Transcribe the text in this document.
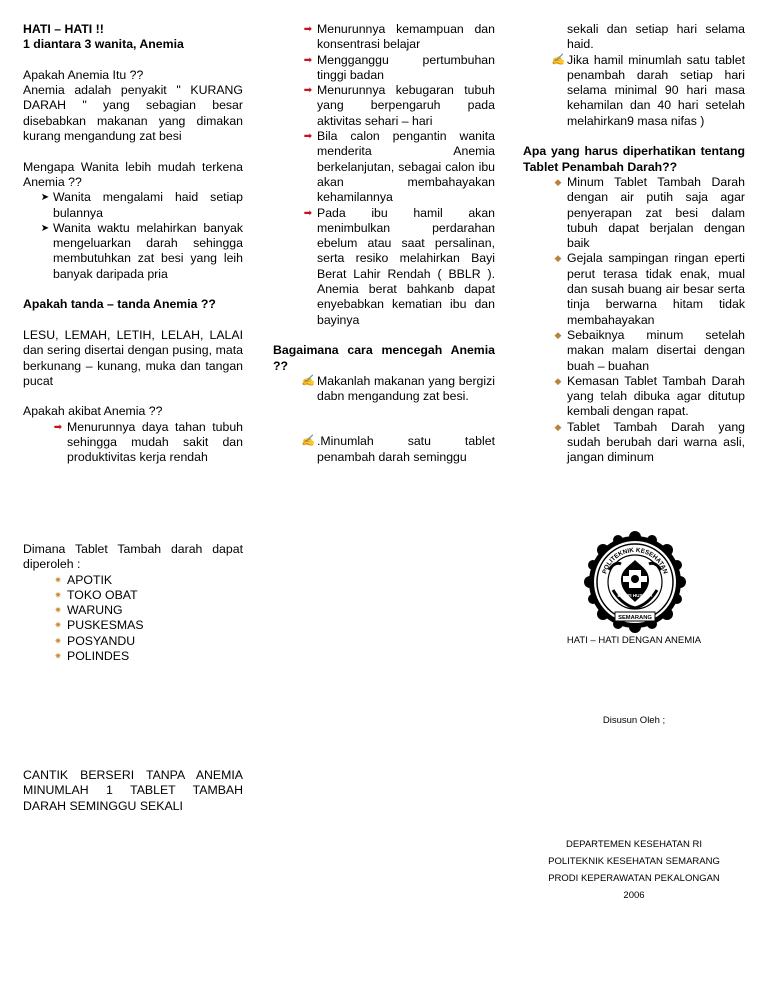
HATI – HATI !!

1 diantara 3 wanita, Anemia

Apakah Anemia Itu ??

Anemia adalah penyakit " KURANG DARAH " yang sebagian besar disebabkan makanan yang dimakan kurang mengandung zat besi

Mengapa Wanita lebih mudah terkena Anemia ??

➤ Wanita mengalami haid setiap bulannya
➤ Wanita waktu melahirkan banyak mengeluarkan darah sehingga membutuhkan zat besi yang leih banyak daripada pria

Apakah tanda – tanda Anemia ??

LESU, LEMAH, LETIH, LELAH, LALAI dan sering disertai dengan pusing, mata berkunang – kunang, muka dan tangan pucat

Apakah akibat Anemia ??

➡ Menurunnya daya tahan tubuh sehingga mudah sakit dan produktivitas kerja rendah

Dimana Tablet Tambah darah dapat diperoleh :

✷ APOTIK
✷ TOKO OBAT
✷ WARUNG
✷ PUSKESMAS
✷ POSYANDU
✷ POLINDES

CANTIK BERSERI TANPA ANEMIA MINUMLAH 1 TABLET TAMBAH DARAH SEMINGGU SEKALI

➡ Menurunnya kemampuan dan konsentrasi belajar
➡ Mengganggu pertumbuhan tinggi badan
➡ Menurunnya kebugaran tubuh yang berpengaruh pada aktivitas sehari – hari
➡ Bila calon pengantin wanita menderita Anemia berkelanjutan, sebagai calon ibu akan membahayakan kehamilannya
➡ Pada ibu hamil akan menimbulkan perdarahan ebelum atau saat persalinan, serta resiko melahirkan Bayi Berat Lahir Rendah ( BBLR ). Anemia berat bahkanb dapat enyebabkan kematian ibu dan bayinya

Bagaimana cara mencegah Anemia ??

✍ Makanlah makanan yang bergizi dabn mengandung zat besi.
✍ .Minumlah satu tablet penambah darah seminggu
sekali dan setiap hari selama haid.
✍ Jika hamil minumlah satu tablet penambah darah setiap hari selama minimal 90 hari masa kehamilan dan 40 hari setelah melahirkan9 masa nifas )

Apa yang harus diperhatikan tentang Tablet Penambah Darah??

◆ Minum Tablet Tambah Darah dengan air putih saja agar penyerapan zat besi dalam tubuh dapat berjalan dengan baik
◆ Gejala sampingan ringan eperti perut terasa tidak enak, mual dan susah buang air besar serta tinja berwarna hitam tidak membahayakan
◆ Sebaiknya minum setelah makan malam disertai dengan buah – buahan
◆ Kemasan Tablet Tambah Darah yang telah dibuka agar ditutup kembali dengan rapat.
◆ Tablet Tambah Darah yang sudah berubah dari warna asli, jangan diminum
POLITEKNIK KESEHATAN
BAKTI HUSADA
SEMARANG
HATI – HATI DENGAN ANEMIA
Disusun Oleh ;
DEPARTEMEN KESEHATAN RI
POLITEKNIK KESEHATAN SEMARANG
PRODI KEPERAWATAN PEKALONGAN
2006
